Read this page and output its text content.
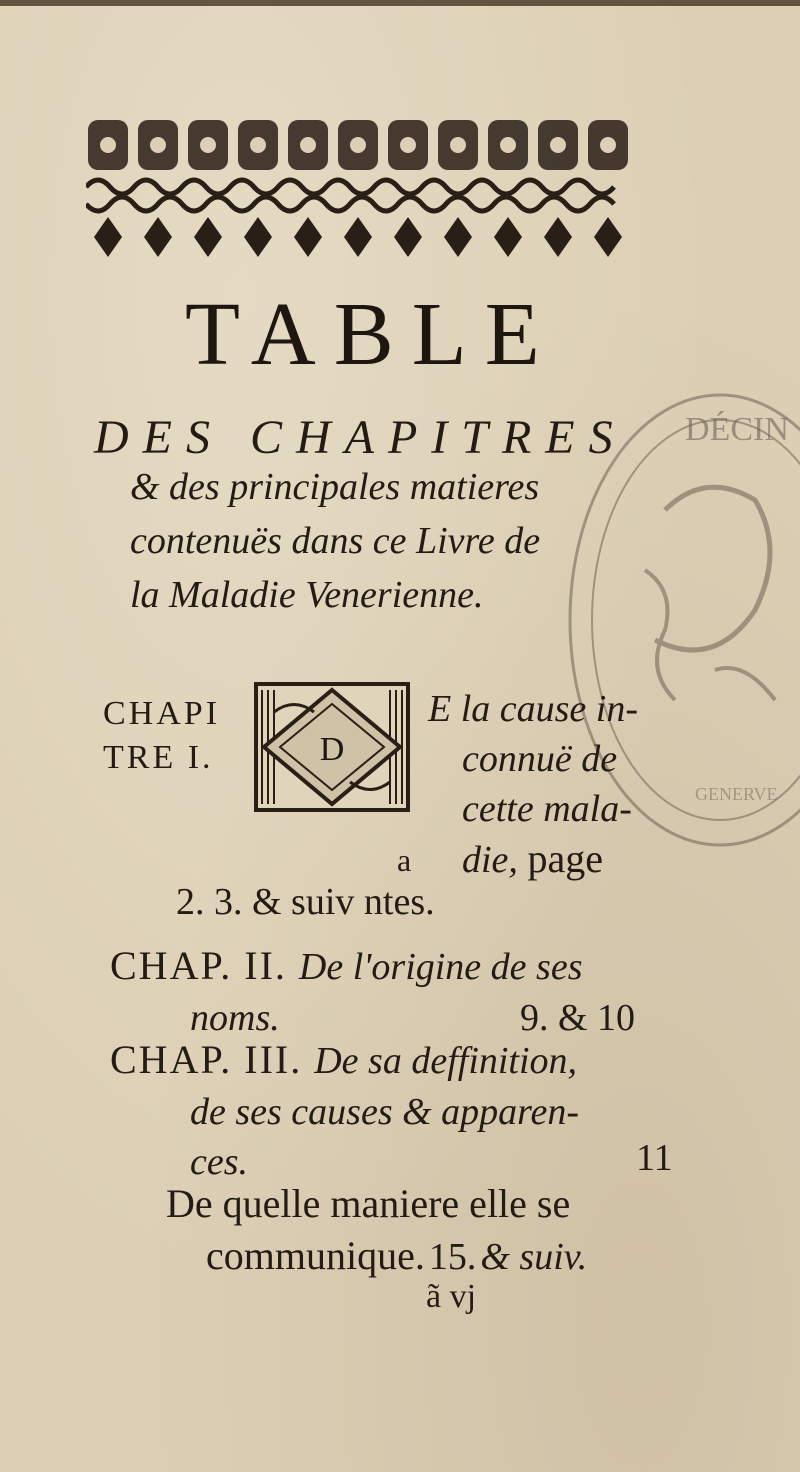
TABLE
DES CHAPITRES
& des principales matieres
contenuës dans ce Livre de
la Maladie Venerienne.
DÉCIN
GENERVE
CHAPI
TRE I.	D
E la cause in-
connuë de
cette mala-
die, page
a
2. 3. & suiv ntes.
CHAP. II. De l'origine de ses
noms.	9. & 10
CHAP. III. De sa deffinition,
de ses causes & apparen-
ces.	11
De quelle maniere elle se
communique. 15. & suiv.
ã vj
